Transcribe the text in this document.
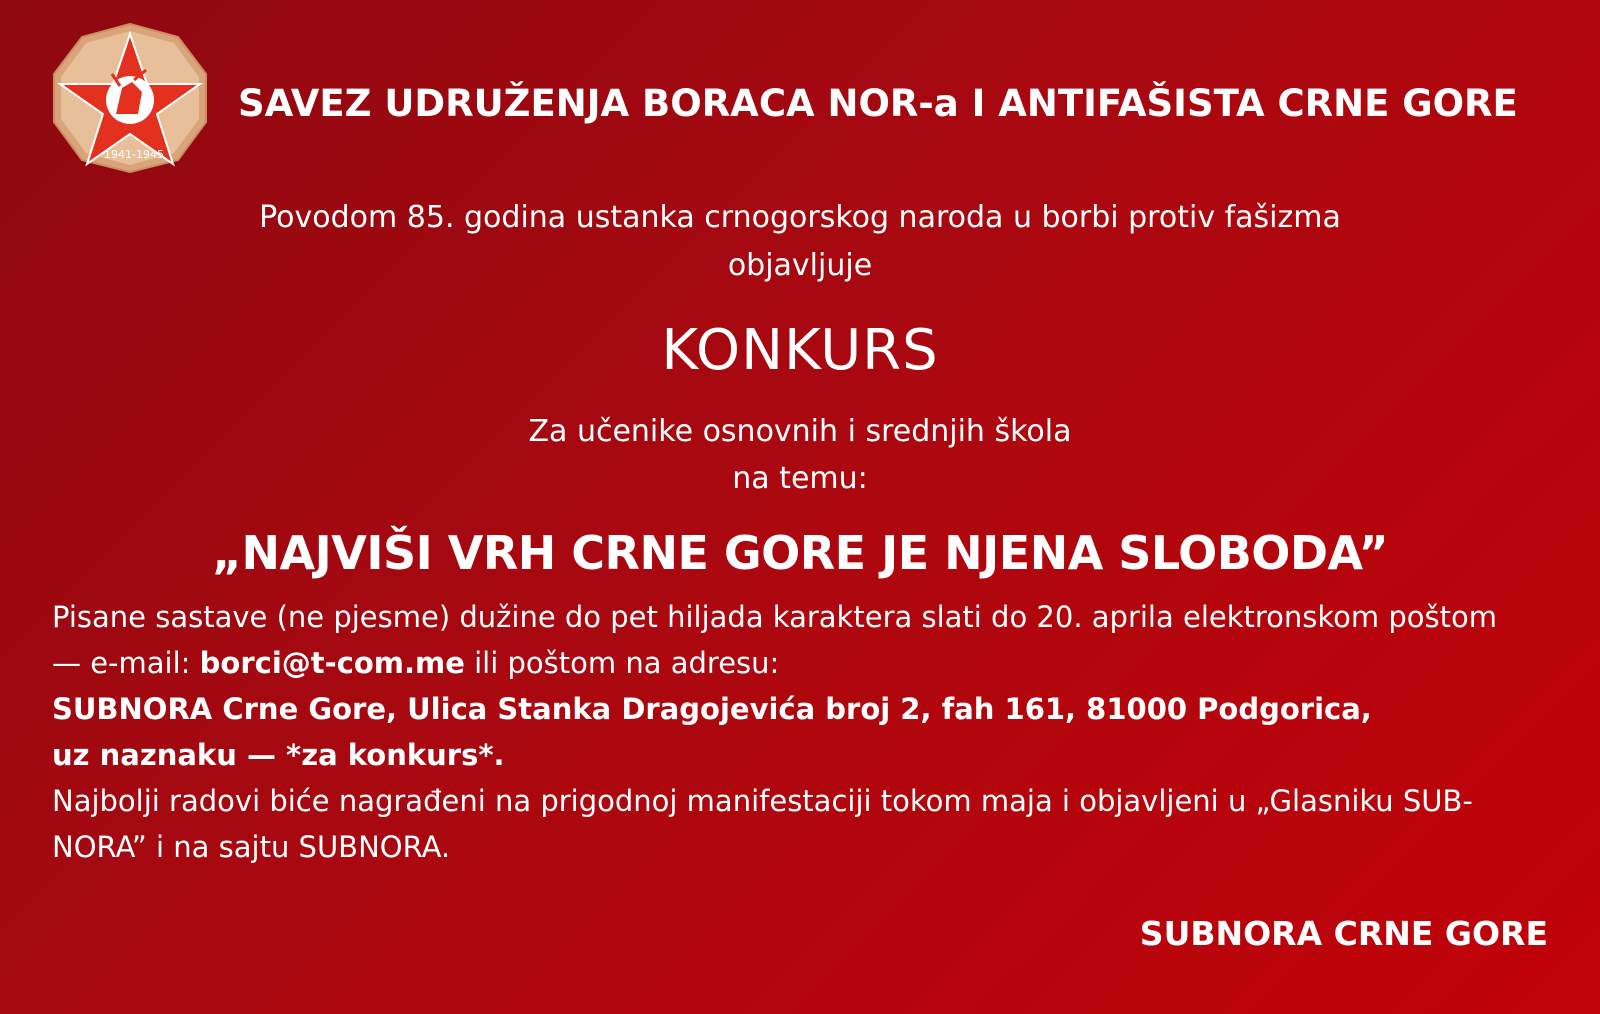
1941-1945
SAVEZ UDRUŽENJA BORACA NOR-a I ANTIFAŠISTA CRNE GORE
Povodom 85. godina ustanka crnogorskog naroda u borbi protiv fašizma
objavljuje
KONKURS
Za učenike osnovnih i srednjih škola
na temu:
„NAJVIŠI VRH CRNE GORE JE NJENA SLOBODA”
Pisane sastave (ne pjesme) dužine do pet hiljada karaktera slati do 20. aprila elektronskom poštom
— e-mail: borci@t-com.me ili poštom na adresu:
SUBNORA Crne Gore, Ulica Stanka Dragojevića broj 2, fah 161, 81000 Podgorica,
uz naznaku — *za konkurs*.
Najbolji radovi biće nagrađeni na prigodnoj manifestaciji tokom maja i objavljeni u „Glasniku SUB-
NORA” i na sajtu SUBNORA.
SUBNORA CRNE GORE
